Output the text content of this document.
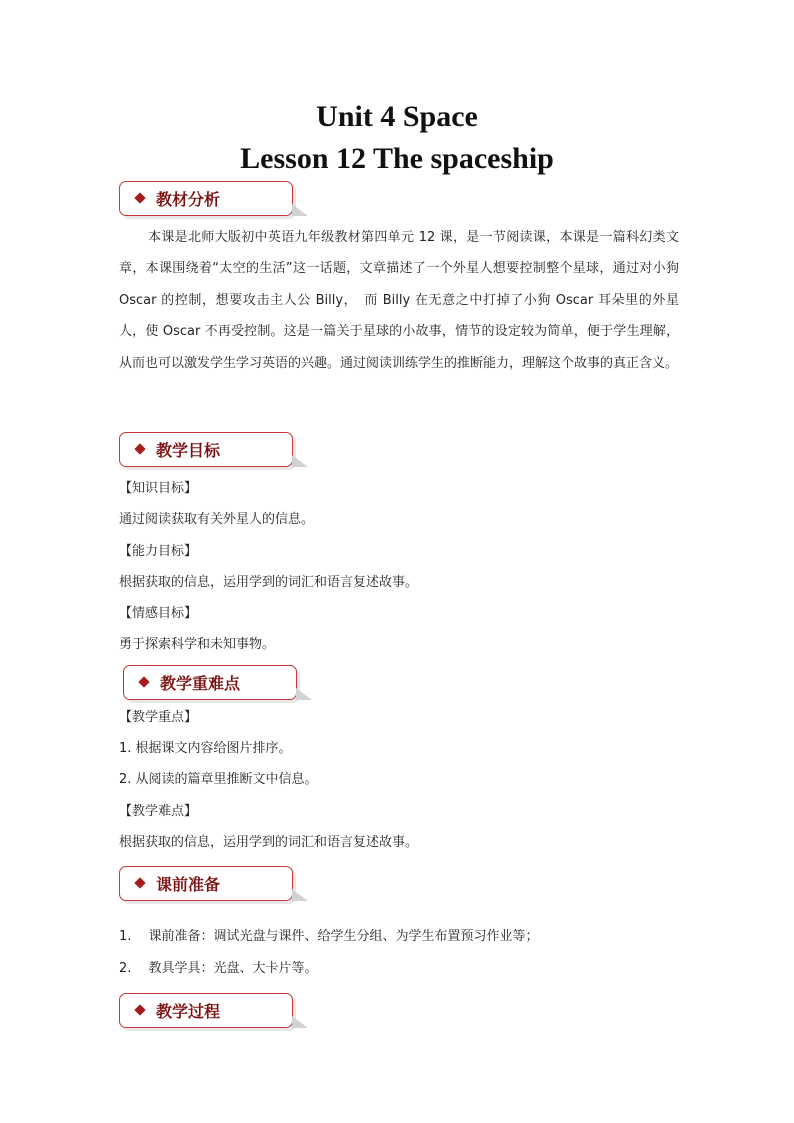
Unit 4 Space
Lesson 12 The spaceship
教材分析
本课是北师大版初中英语九年级教材第四单元 12 课，是一节阅读课，本课是一篇科幻类文章，本课围绕着“太空的生活”这一话题，文章描述了一个外星人想要控制整个星球，通过对小狗 Oscar 的控制，想要攻击主人公 Billy，　而 Billy 在无意之中打掉了小狗 Oscar 耳朵里的外星人，使 Oscar 不再受控制。这是一篇关于星球的小故事，情节的设定较为简单，便于学生理解，从而也可以激发学生学习英语的兴趣。通过阅读训练学生的推断能力，理解这个故事的真正含义。
教学目标
【知识目标】
通过阅读获取有关外星人的信息。
【能力目标】
根据获取的信息，运用学到的词汇和语言复述故事。
【情感目标】
勇于探索科学和未知事物。
教学重难点
【教学重点】
1. 根据课文内容给图片排序。
2. 从阅读的篇章里推断文中信息。
【教学难点】
根据获取的信息，运用学到的词汇和语言复述故事。
课前准备
1.　 课前准备：调试光盘与课件、给学生分组、为学生布置预习作业等；
2.　 教具学具：光盘、大卡片等。
教学过程
